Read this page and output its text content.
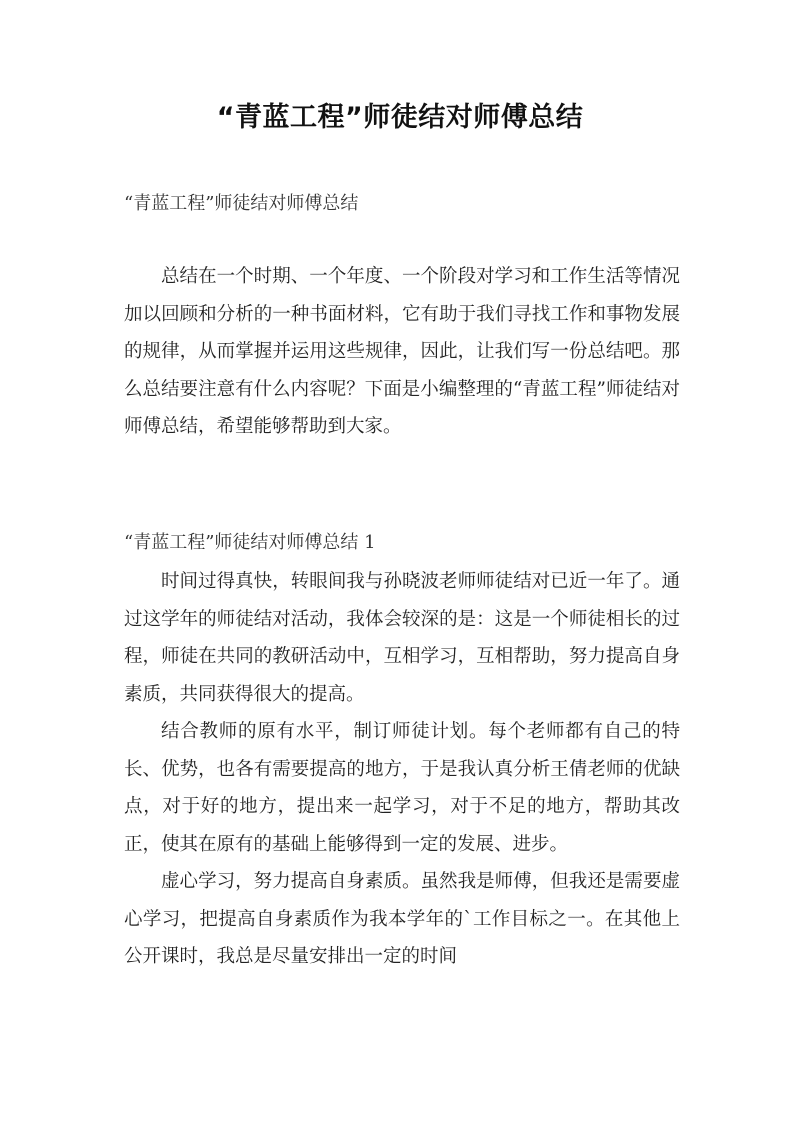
“青蓝工程”师徒结对师傅总结
“青蓝工程”师徒结对师傅总结

总结在一个时期、一个年度、一个阶段对学习和工作生活等情况加以回顾和分析的一种书面材料，它有助于我们寻找工作和事物发展的规律，从而掌握并运用这些规律，因此，让我们写一份总结吧。那么总结要注意有什么内容呢？下面是小编整理的“青蓝工程”师徒结对师傅总结，希望能够帮助到大家。

“青蓝工程”师徒结对师傅总结 1

时间过得真快，转眼间我与孙晓波老师师徒结对已近一年了。通过这学年的师徒结对活动，我体会较深的是：这是一个师徒相长的过程，师徒在共同的教研活动中，互相学习，互相帮助，努力提高自身素质，共同获得很大的提高。

结合教师的原有水平，制订师徒计划。每个老师都有自己的特长、优势，也各有需要提高的地方，于是我认真分析王倩老师的优缺点，对于好的地方，提出来一起学习，对于不足的地方，帮助其改正，使其在原有的基础上能够得到一定的发展、进步。

虚心学习，努力提高自身素质。虽然我是师傅，但我还是需要虚心学习，把提高自身素质作为我本学年的`工作目标之一。在其他上公开课时，我总是尽量安排出一定的时间
